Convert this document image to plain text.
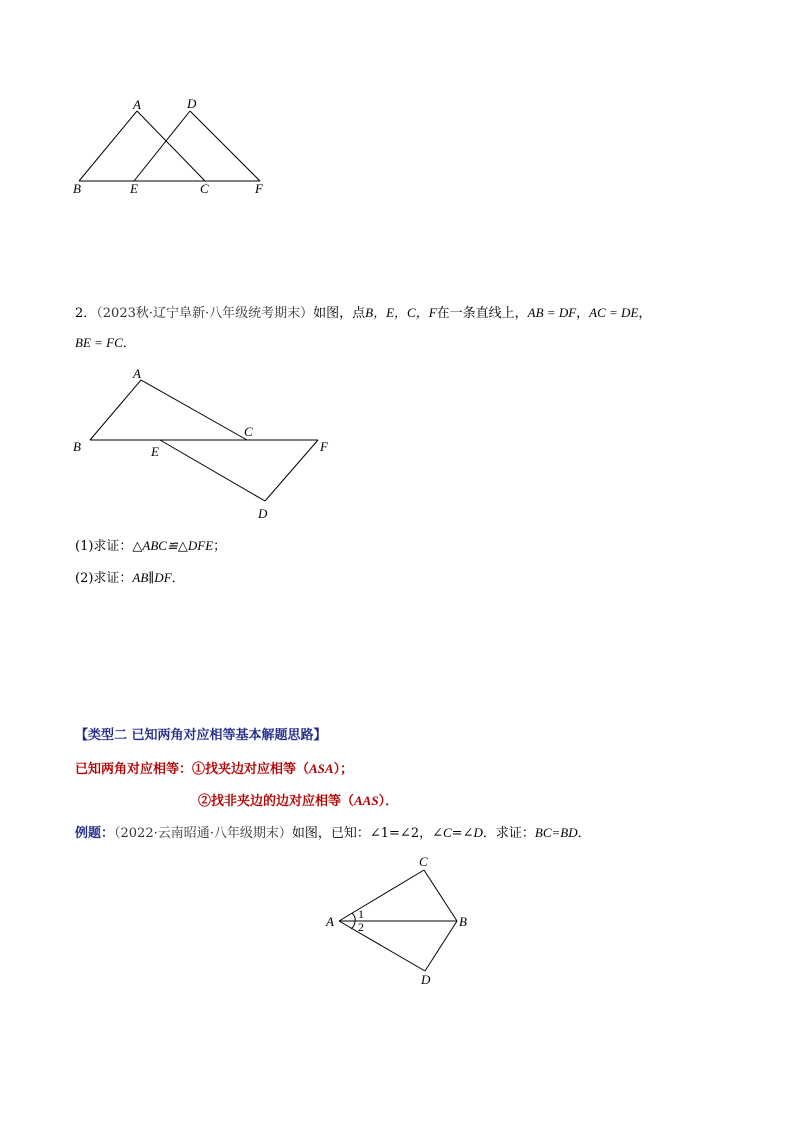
A	D
B	E	C	F
2．（2023秋·辽宁阜新·八年级统考期末）如图，点B，E，C，F在一条直线上，AB = DF，AC = DE，
BE = FC．
A
B	E
C
F
D
(1)求证：△ABC≌△DFE；
(2)求证：AB∥DF．
【类型二 已知两角对应相等基本解题思路】
已知两角对应相等：①找夹边对应相等（ASA）；
②找非夹边的边对应相等（AAS）．
例题：（2022·云南昭通·八年级期末）如图，已知：∠1=∠2，∠C=∠D．求证：BC=BD．
C
A 1
2	B
D
